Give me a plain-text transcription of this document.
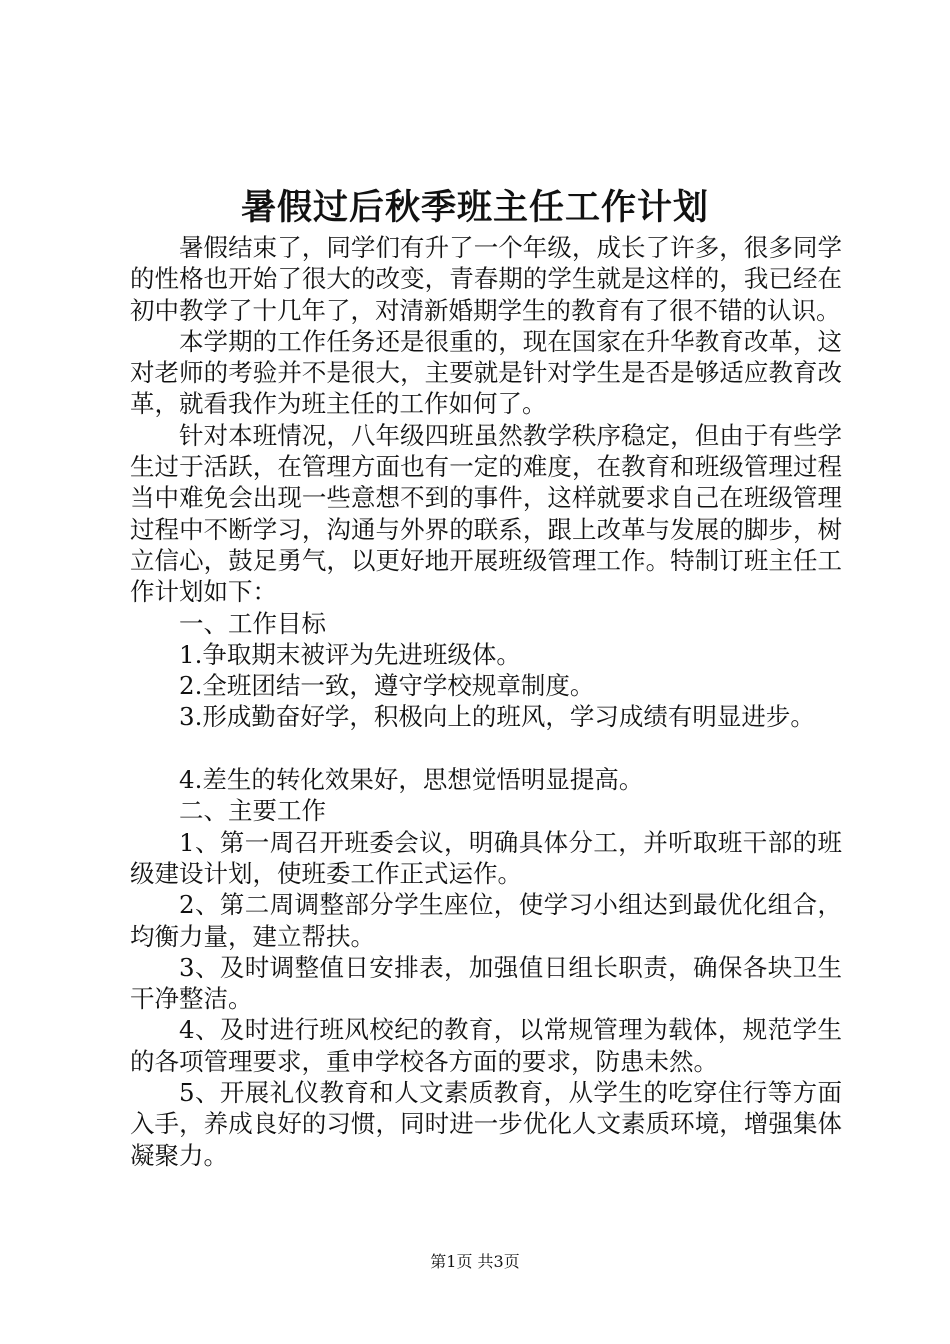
暑假过后秋季班主任工作计划

暑假结束了，同学们有升了一个年级，成长了许多，很多同学的性格也开始了很大的改变，青春期的学生就是这样的，我已经在初中教学了十几年了，对清新婚期学生的教育有了很不错的认识。

本学期的工作任务还是很重的，现在国家在升华教育改革，这对老师的考验并不是很大，主要就是针对学生是否是够适应教育改革，就看我作为班主任的工作如何了。

针对本班情况，八年级四班虽然教学秩序稳定，但由于有些学生过于活跃，在管理方面也有一定的难度，在教育和班级管理过程当中难免会出现一些意想不到的事件，这样就要求自己在班级管理过程中不断学习，沟通与外界的联系，跟上改革与发展的脚步，树立信心，鼓足勇气，以更好地开展班级管理工作。特制订班主任工作计划如下：

一、工作目标

1.争取期末被评为先进班级体。

2.全班团结一致，遵守学校规章制度。

3.形成勤奋好学，积极向上的班风，学习成绩有明显进步。

4.差生的转化效果好，思想觉悟明显提高。

二、主要工作

1、第一周召开班委会议，明确具体分工，并听取班干部的班级建设计划，使班委工作正式运作。

2、第二周调整部分学生座位，使学习小组达到最优化组合，均衡力量，建立帮扶。

3、及时调整值日安排表，加强值日组长职责，确保各块卫生干净整洁。

4、及时进行班风校纪的教育，以常规管理为载体，规范学生的各项管理要求，重申学校各方面的要求，防患未然。

5、开展礼仪教育和人文素质教育，从学生的吃穿住行等方面入手，养成良好的习惯，同时进一步优化人文素质环境，增强集体凝聚力。

第1页 共3页
